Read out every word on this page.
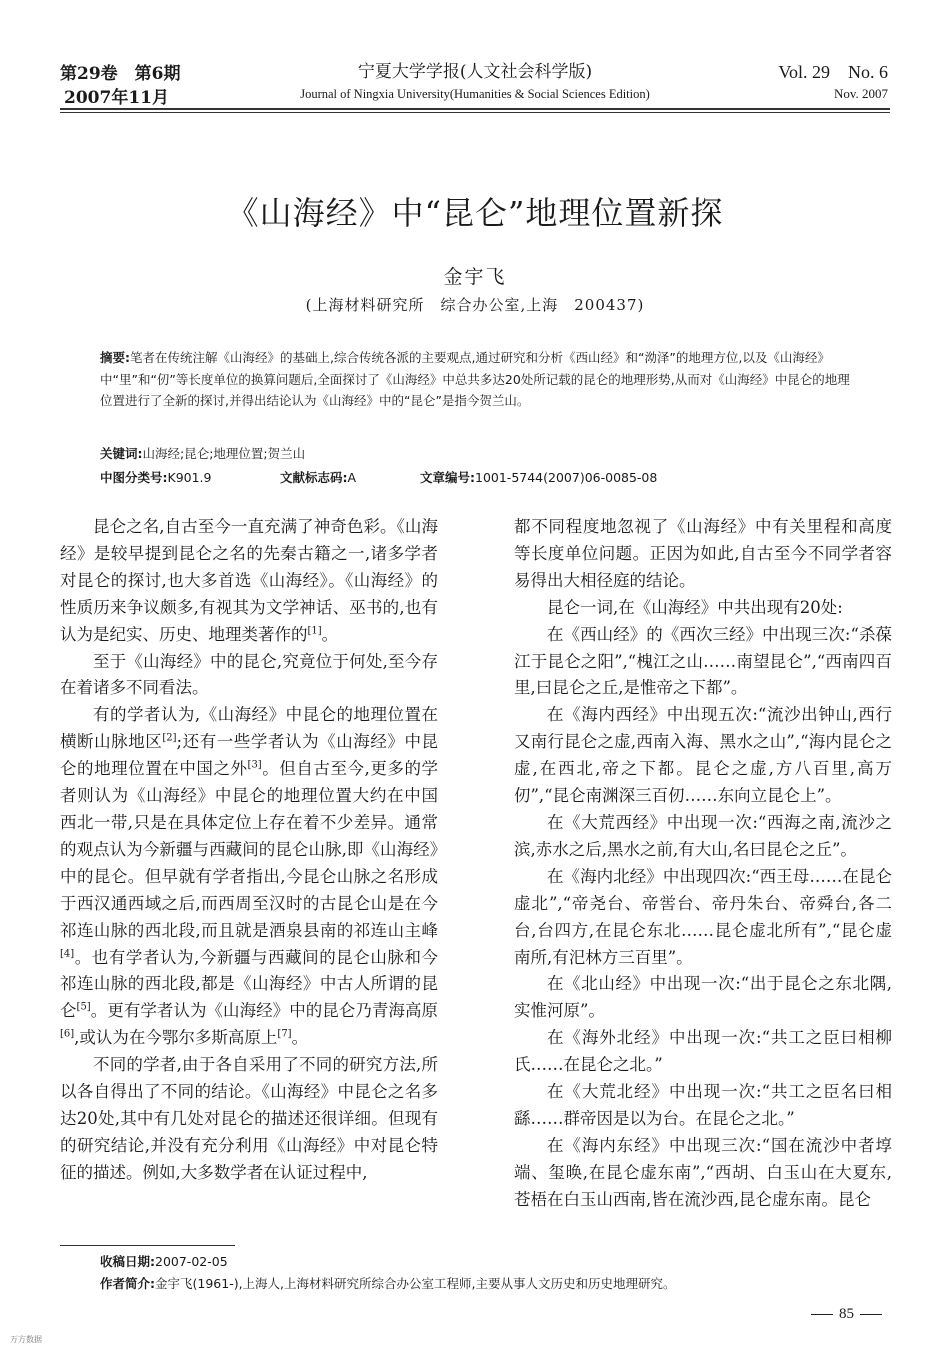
第29卷　第6期
2007年11月
宁夏大学学报(人文社会科学版)
Journal of Ningxia University(Humanities & Social Sciences Edition)
Vol. 29　No. 6
Nov. 2007
《山海经》中“昆仑”地理位置新探
金宇飞
(上海材料研究所　综合办公室,上海　200437)
摘要:笔者在传统注解《山海经》的基础上,综合传统各派的主要观点,通过研究和分析《西山经》和“泑泽”的地理方位,以及《山海经》中“里”和“仞”等长度单位的换算问题后,全面探讨了《山海经》中总共多达20处所记载的昆仑的地理形势,从而对《山海经》中昆仑的地理位置进行了全新的探讨,并得出结论认为《山海经》中的“昆仑”是指今贺兰山。
关键词:山海经;昆仑;地理位置;贺兰山
中图分类号:K901.9	文献标志码:A	文章编号:1001-5744(2007)06-0085-08

昆仑之名,自古至今一直充满了神奇色彩。《山海经》是较早提到昆仑之名的先秦古籍之一,诸多学者对昆仑的探讨,也大多首选《山海经》。《山海经》的性质历来争议颇多,有视其为文学神话、巫书的,也有认为是纪实、历史、地理类著作的[1]。

至于《山海经》中的昆仑,究竟位于何处,至今存在着诸多不同看法。

有的学者认为,《山海经》中昆仑的地理位置在横断山脉地区[2];还有一些学者认为《山海经》中昆仑的地理位置在中国之外[3]。但自古至今,更多的学者则认为《山海经》中昆仑的地理位置大约在中国西北一带,只是在具体定位上存在着不少差异。通常的观点认为今新疆与西藏间的昆仑山脉,即《山海经》中的昆仑。但早就有学者指出,今昆仑山脉之名形成于西汉通西域之后,而西周至汉时的古昆仑山是在今祁连山脉的西北段,而且就是酒泉县南的祁连山主峰[4]。也有学者认为,今新疆与西藏间的昆仑山脉和今祁连山脉的西北段,都是《山海经》中古人所谓的昆仑[5]。更有学者认为《山海经》中的昆仑乃青海高原[6],或认为在今鄂尔多斯高原上[7]。

不同的学者,由于各自采用了不同的研究方法,所以各自得出了不同的结论。《山海经》中昆仑之名多达20处,其中有几处对昆仑的描述还很详细。但现有的研究结论,并没有充分利用《山海经》中对昆仑特征的描述。例如,大多数学者在认证过程中,

都不同程度地忽视了《山海经》中有关里程和高度等长度单位问题。正因为如此,自古至今不同学者容易得出大相径庭的结论。

昆仑一词,在《山海经》中共出现有20处:

在《西山经》的《西次三经》中出现三次:“杀葆江于昆仑之阳”,“槐江之山……南望昆仑”,“西南四百里,曰昆仑之丘,是惟帝之下都”。

在《海内西经》中出现五次:“流沙出钟山,西行又南行昆仑之虚,西南入海、黑水之山”,“海内昆仑之虚,在西北,帝之下都。昆仑之虚,方八百里,高万仞”,“昆仑南渊深三百仞……东向立昆仑上”。

在《大荒西经》中出现一次:“西海之南,流沙之滨,赤水之后,黑水之前,有大山,名曰昆仑之丘”。

在《海内北经》中出现四次:“西王母……在昆仑虚北”,“帝尧台、帝喾台、帝丹朱台、帝舜台,各二台,台四方,在昆仑东北……昆仑虚北所有”,“昆仑虚南所,有汜林方三百里”。

在《北山经》中出现一次:“出于昆仑之东北隅,实惟河原”。

在《海外北经》中出现一次:“共工之臣曰相柳氏……在昆仑之北。”

在《大荒北经》中出现一次:“共工之臣名曰相繇……群帝因是以为台。在昆仑之北。”

在《海内东经》中出现三次:“国在流沙中者埻端、玺㬇,在昆仑虚东南”,“西胡、白玉山在大夏东,苍梧在白玉山西南,皆在流沙西,昆仑虚东南。昆仑

收稿日期:2007-02-05
作者简介:金宇飞(1961-),上海人,上海材料研究所综合办公室工程师,主要从事人文历史和历史地理研究。
85
万方数据
